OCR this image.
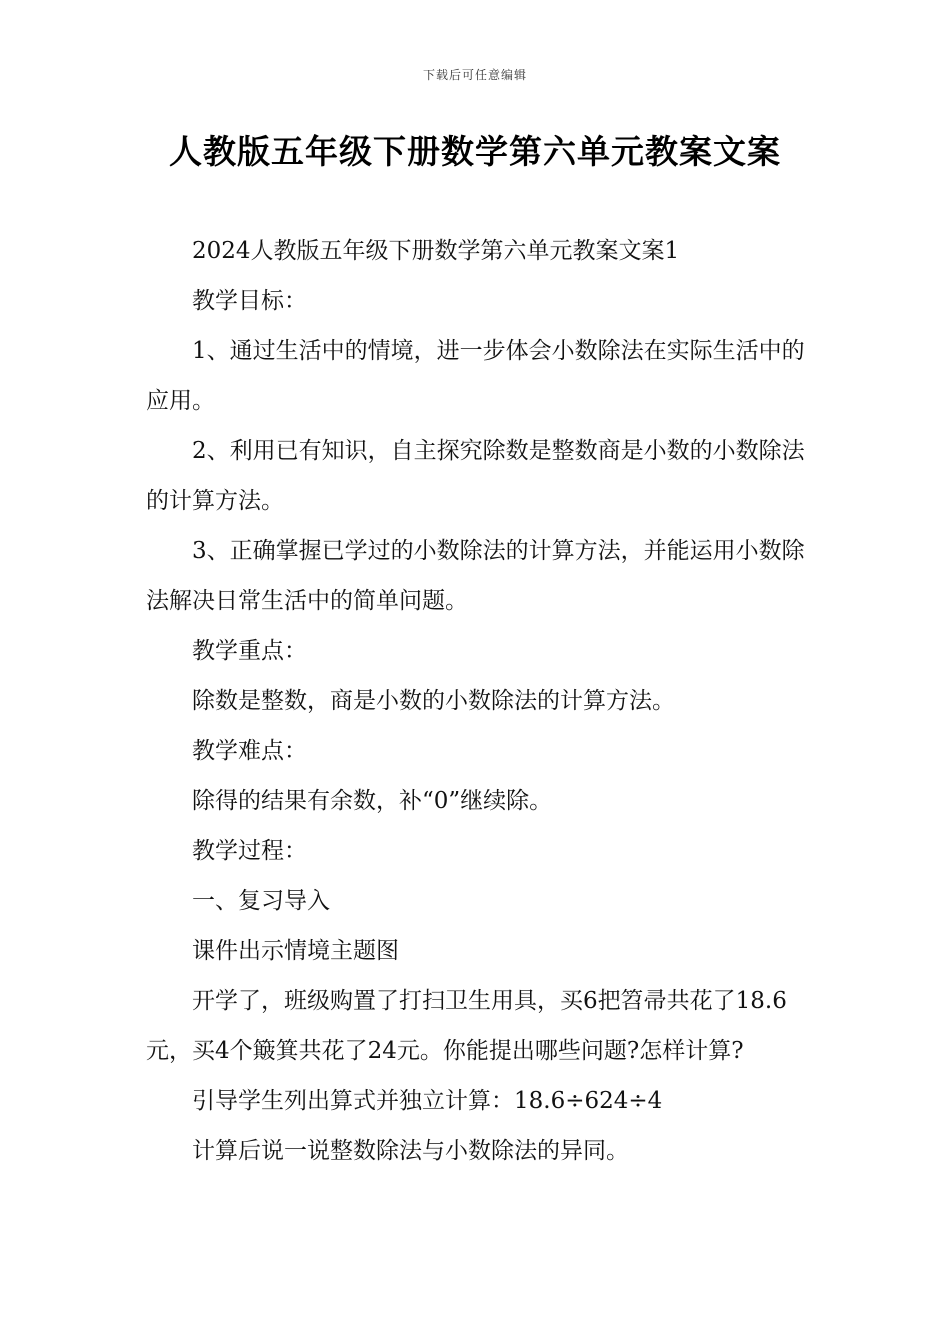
下载后可任意编辑
人教版五年级下册数学第六单元教案文案

2024人教版五年级下册数学第六单元教案文案1

教学目标：

1、通过生活中的情境，进一步体会小数除法在实际生活中的应用。

2、利用已有知识，自主探究除数是整数商是小数的小数除法的计算方法。

3、正确掌握已学过的小数除法的计算方法，并能运用小数除法解决日常生活中的简单问题。

教学重点：

除数是整数，商是小数的小数除法的计算方法。

教学难点：

除得的结果有余数，补“0”继续除。

教学过程：

一、复习导入

课件出示情境主题图

开学了，班级购置了打扫卫生用具，买6把笤帚共花了18.6元，买4个簸箕共花了24元。你能提出哪些问题?怎样计算?

引导学生列出算式并独立计算：18.6÷624÷4

计算后说一说整数除法与小数除法的异同。
